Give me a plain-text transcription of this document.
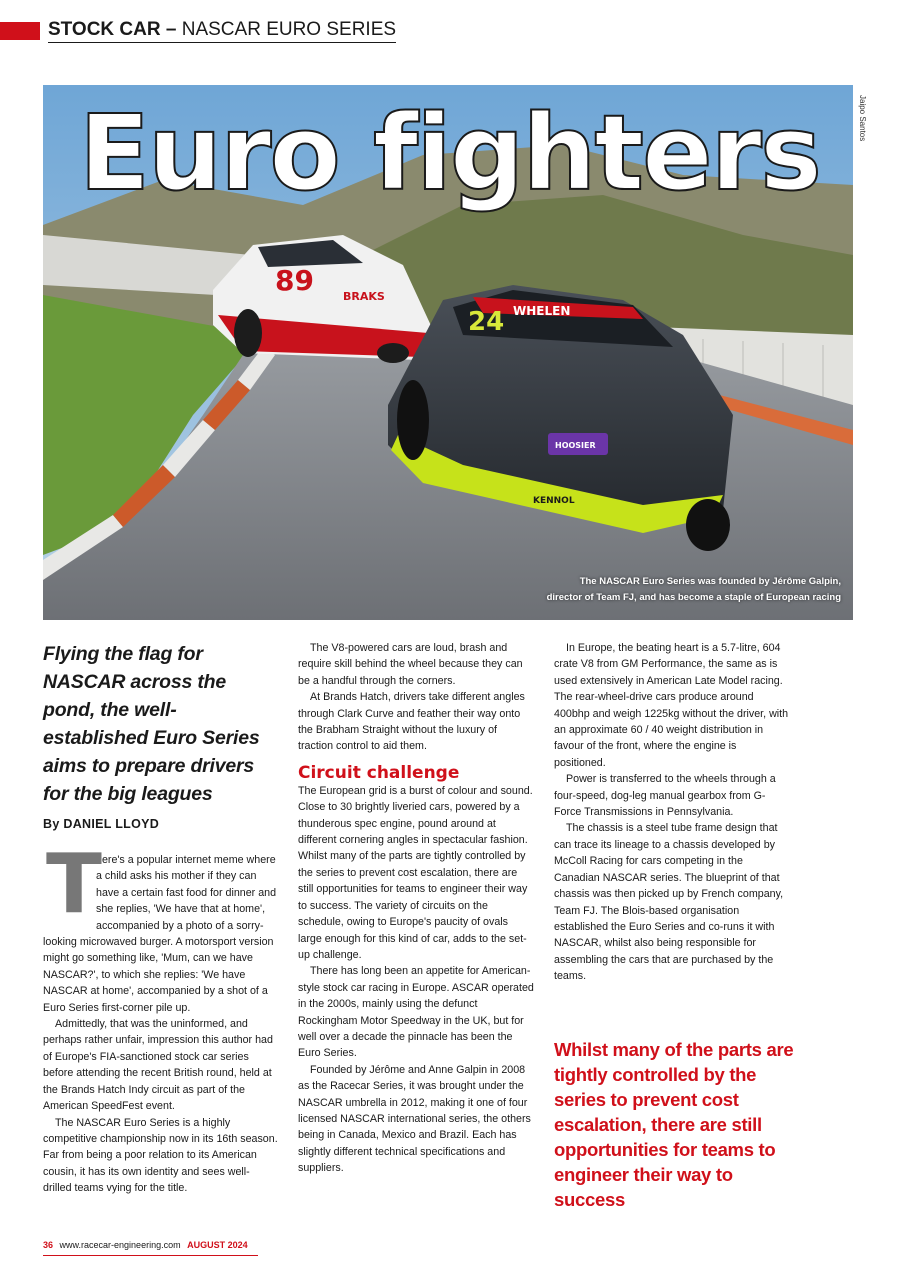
STOCK CAR – NASCAR EURO SERIES
89	BRAKS
24 WHELEN
HOOSIER
KENNOL
Euro fighters
The NASCAR Euro Series was founded by Jérôme Galpin,
director of Team FJ, and has become a staple of European racing
Jaipo Santos
Flying the flag for NASCAR across the pond, the well-established Euro Series aims to prepare drivers for the big leagues
By DANIEL LLOYD

T
here's a popular internet meme where a child asks his mother if they can have a certain fast food for dinner and she replies, 'We have that at home', accompanied by a photo of a sorry-looking microwaved burger. A motorsport version might go something like, 'Mum, can we have NASCAR?', to which she replies: 'We have NASCAR at home', accompanied by a shot of a Euro Series first-corner pile up.

Admittedly, that was the uninformed, and perhaps rather unfair, impression this author had of Europe's FIA-sanctioned stock car series before attending the recent British round, held at the Brands Hatch Indy circuit as part of the American SpeedFest event.

The NASCAR Euro Series is a highly competitive championship now in its 16th season. Far from being a poor relation to its American cousin, it has its own identity and sees well-drilled teams vying for the title.

The V8-powered cars are loud, brash and require skill behind the wheel because they can be a handful through the corners.

At Brands Hatch, drivers take different angles through Clark Curve and feather their way onto the Brabham Straight without the luxury of traction control to aid them.

Circuit challenge

The European grid is a burst of colour and sound. Close to 30 brightly liveried cars, powered by a thunderous spec engine, pound around at different cornering angles in spectacular fashion. Whilst many of the parts are tightly controlled by the series to prevent cost escalation, there are still opportunities for teams to engineer their way to success. The variety of circuits on the schedule, owing to Europe's paucity of ovals large enough for this kind of car, adds to the set-up challenge.

There has long been an appetite for American-style stock car racing in Europe. ASCAR operated in the 2000s, mainly using the defunct Rockingham Motor Speedway in the UK, but for well over a decade the pinnacle has been the Euro Series.

Founded by Jérôme and Anne Galpin in 2008 as the Racecar Series, it was brought under the NASCAR umbrella in 2012, making it one of four licensed NASCAR international series, the others being in Canada, Mexico and Brazil. Each has slightly different technical specifications and suppliers.

In Europe, the beating heart is a 5.7-litre, 604 crate V8 from GM Performance, the same as is used extensively in American Late Model racing. The rear-wheel-drive cars produce around 400bhp and weigh 1225kg without the driver, with an approximate 60 / 40 weight distribution in favour of the front, where the engine is positioned.

Power is transferred to the wheels through a four-speed, dog-leg manual gearbox from G-Force Transmissions in Pennsylvania.

The chassis is a steel tube frame design that can trace its lineage to a chassis developed by McColl Racing for cars competing in the Canadian NASCAR series. The blueprint of that chassis was then picked up by French company, Team FJ. The Blois-based organisation established the Euro Series and co-runs it with NASCAR, whilst also being responsible for assembling the cars that are purchased by the teams.

Whilst many of the parts are tightly controlled by the series to prevent cost escalation, there are still opportunities for teams to engineer their way to success
36 www.racecar-engineering.com AUGUST 2024
